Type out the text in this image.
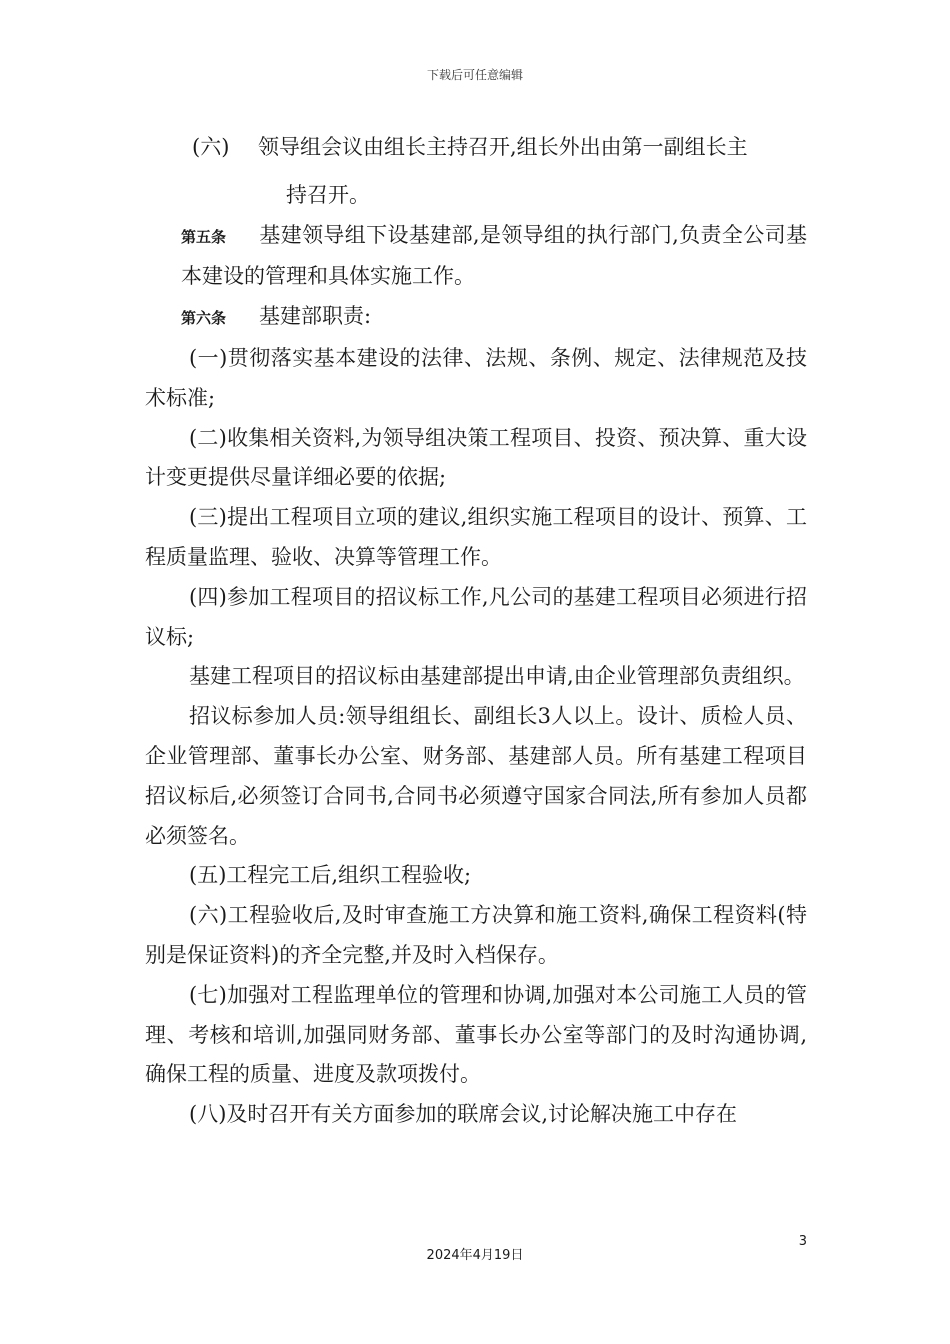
下载后可任意编辑
(六)	领导组会议由组长主持召开,组长外出由第一副组长主
持召开。

第五条 基建领导组下设基建部,是领导组的执行部门,负责全公司基本建设的管理和具体实施工作。

第六条 基建部职责:

(一)贯彻落实基本建设的法律、法规、条例、规定、法律规范及技术标准;

(二)收集相关资料,为领导组决策工程项目、投资、预决算、重大设计变更提供尽量详细必要的依据;

(三)提出工程项目立项的建议,组织实施工程项目的设计、预算、工程质量监理、验收、决算等管理工作。

(四)参加工程项目的招议标工作,凡公司的基建工程项目必须进行招议标;

基建工程项目的招议标由基建部提出申请,由企业管理部负责组织。

招议标参加人员:领导组组长、副组长3人以上。设计、质检人员、企业管理部、董事长办公室、财务部、基建部人员。所有基建工程项目招议标后,必须签订合同书,合同书必须遵守国家合同法,所有参加人员都必须签名。

(五)工程完工后,组织工程验收;

(六)工程验收后,及时审查施工方决算和施工资料,确保工程资料(特别是保证资料)的齐全完整,并及时入档保存。

(七)加强对工程监理单位的管理和协调,加强对本公司施工人员的管理、考核和培训,加强同财务部、董事长办公室等部门的及时沟通协调,确保工程的质量、进度及款项拨付。

(八)及时召开有关方面参加的联席会议,讨论解决施工中存在

3
2024年4月19日
